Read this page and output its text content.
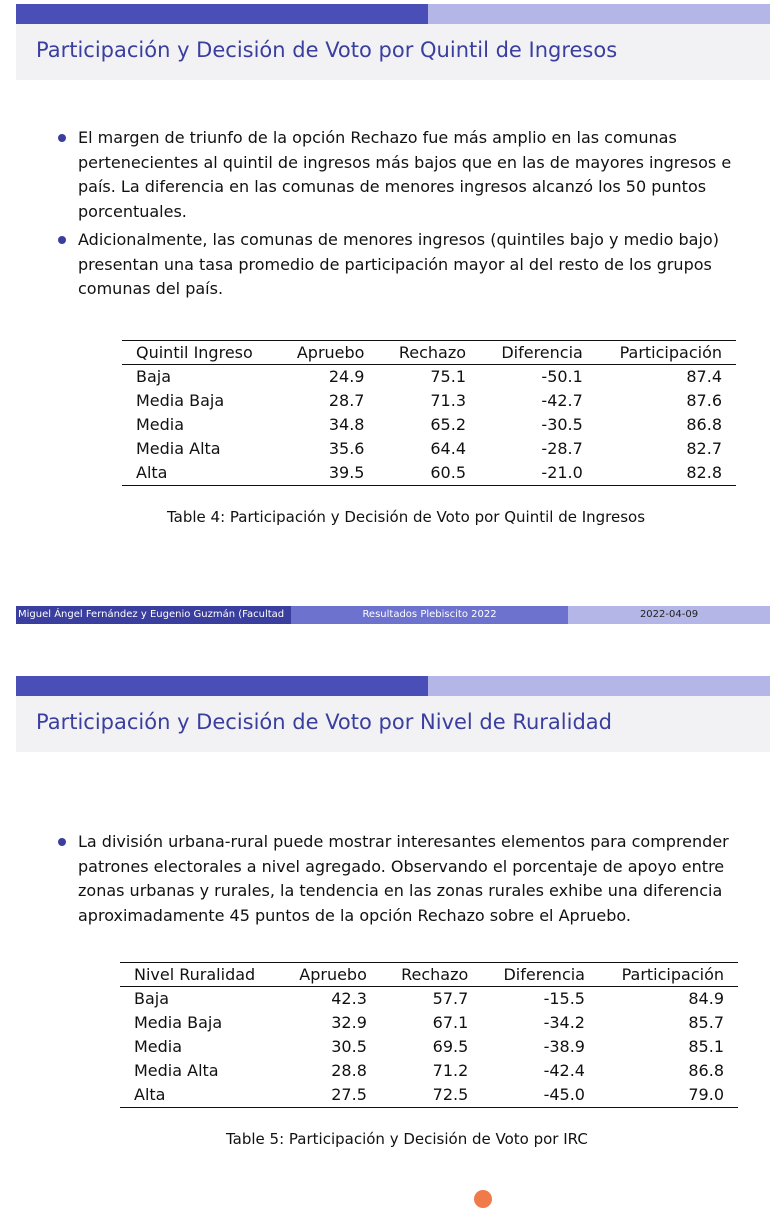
Participación y Decisión de Voto por Quintil de Ingresos
El margen de triunfo de la opción Rechazo fue más amplio en las comunas
pertenecientes al quintil de ingresos más bajos que en las de mayores ingresos e
país. La diferencia en las comunas de menores ingresos alcanzó los 50 puntos
porcentuales.
Adicionalmente, las comunas de menores ingresos (quintiles bajo y medio bajo)
presentan una tasa promedio de participación mayor al del resto de los grupos
comunas del país.
Quintil Ingreso	Apruebo	Rechazo	Diferencia	Participación
Baja	24.9	75.1	-50.1	87.4
Media Baja	28.7	71.3	-42.7	87.6
Media	34.8	65.2	-30.5	86.8
Media Alta	35.6	64.4	-28.7	82.7
Alta	39.5	60.5	-21.0	82.8
Table 4: Participación y Decisión de Voto por Quintil de Ingresos
Miguel Ángel Fernández y Eugenio Guzmán (Facultad	Resultados Plebiscito 2022	2022-04-09
Participación y Decisión de Voto por Nivel de Ruralidad
La división urbana-rural puede mostrar interesantes elementos para comprender
patrones electorales a nivel agregado. Observando el porcentaje de apoyo entre
zonas urbanas y rurales, la tendencia en las zonas rurales exhibe una diferencia
aproximadamente 45 puntos de la opción Rechazo sobre el Apruebo.
Nivel Ruralidad	Apruebo	Rechazo	Diferencia	Participación
Baja	42.3	57.7	-15.5	84.9
Media Baja	32.9	67.1	-34.2	85.7
Media	30.5	69.5	-38.9	85.1
Media Alta	28.8	71.2	-42.4	86.8
Alta	27.5	72.5	-45.0	79.0
Table 5: Participación y Decisión de Voto por IRC
